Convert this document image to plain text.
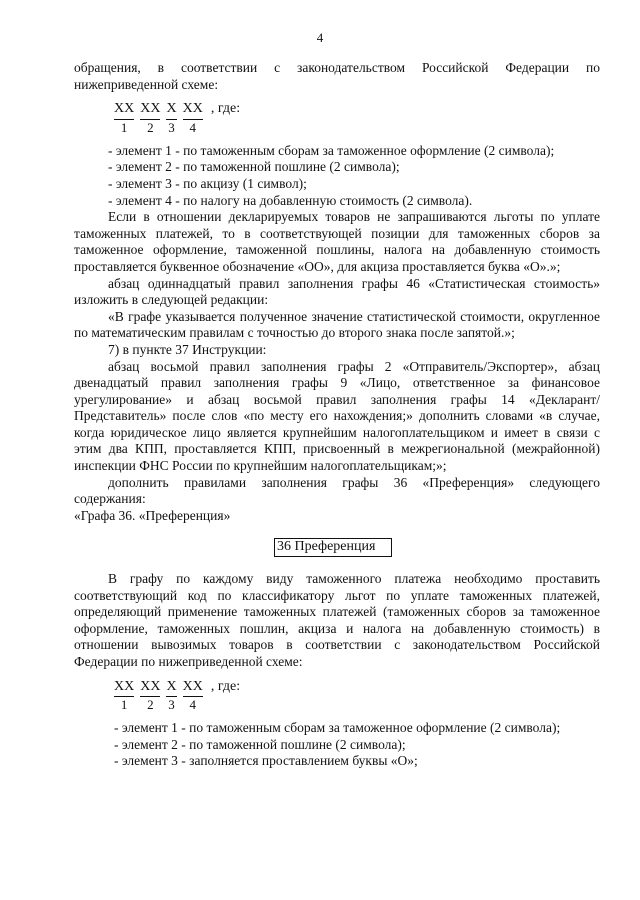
4

обращения, в соответствии с законодательством Российской Федерации по нижеприведенной схеме:

ХХ
1
ХХ
2
Х
3
ХХ
4
, где:
- элемент 1 - по таможенным сборам за таможенное оформление (2 символа);
- элемент 2 - по таможенной пошлине (2 символа);
- элемент 3 - по акцизу (1 символ);
- элемент 4 - по налогу на добавленную стоимость (2 символа).

Если в отношении декларируемых товаров не запрашиваются льготы по уплате таможенных платежей, то в соответствующей позиции для таможенных сборов за таможенное оформление, таможенной пошлины, налога на добавленную стоимость проставляется буквенное обозначение «ОО», для акциза проставляется буква «О».»;

абзац одиннадцатый правил заполнения графы 46 «Статистическая стоимость» изложить в следующей редакции:

«В графе указывается полученное значение статистической стоимости, округленное по математическим правилам с точностью до второго знака после запятой.»;

7) в пункте 37 Инструкции:

абзац восьмой правил заполнения графы 2 «Отправитель/Экспортер», абзац двенадцатый правил заполнения графы 9 «Лицо, ответственное за финансовое урегулирование» и абзац восьмой правил заполнения графы 14 «Декларант/Представитель» после слов «по месту его нахождения;» дополнить словами «в случае, когда юридическое лицо является крупнейшим налогоплательщиком и имеет в связи с этим два КПП, проставляется КПП, присвоенный в межрегиональной (межрайонной) инспекции ФНС России по крупнейшим налогоплательщикам;»;

дополнить правилами заполнения графы 36 «Преференция» следующего содержания:

«Графа 36. «Преференция»

36 Преференция

В графу по каждому виду таможенного платежа необходимо проставить соответствующий код по классификатору льгот по уплате таможенных платежей, определяющий применение таможенных платежей (таможенных сборов за таможенное оформление, таможенных пошлин, акциза и налога на добавленную стоимость) в отношении вывозимых товаров в соответствии с законодательством Российской Федерации по нижеприведенной схеме:

ХХ
1
ХХ
2
Х
3
ХХ
4
, где:
- элемент 1 - по таможенным сборам за таможенное оформление (2 символа);
- элемент 2 - по таможенной пошлине (2 символа);
- элемент 3 - заполняется проставлением буквы «О»;
